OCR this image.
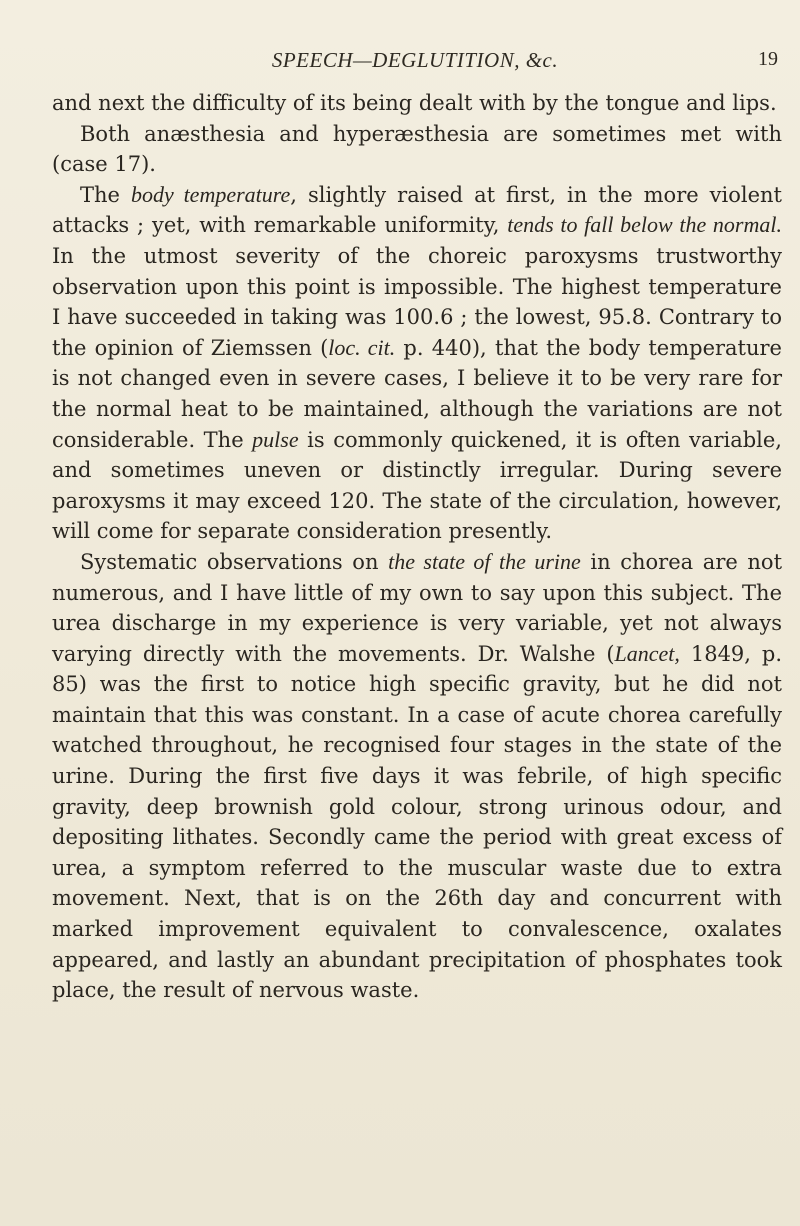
SPEECH—DEGLUTITION, &c.	19

and next the difficulty of its being dealt with by the tongue and lips.

Both anæsthesia and hyperæsthesia are sometimes met with (case 17).

The body temperature, slightly raised at first, in the more violent attacks ; yet, with remarkable uniformity, tends to fall below the normal. In the utmost severity of the choreic paroxysms trustworthy observation upon this point is impossible. The highest temperature I have succeeded in taking was 100.6 ; the lowest, 95.8. Contrary to the opinion of Ziemssen (loc. cit. p. 440), that the body temperature is not changed even in severe cases, I believe it to be very rare for the normal heat to be maintained, although the variations are not considerable. The pulse is commonly quickened, it is often variable, and sometimes uneven or distinctly irregular. During severe paroxysms it may exceed 120. The state of the circulation, however, will come for separate consideration presently.

Systematic observations on the state of the urine in chorea are not numerous, and I have little of my own to say upon this subject. The urea discharge in my experience is very variable, yet not always varying directly with the movements. Dr. Walshe (Lancet, 1849, p. 85) was the first to notice high specific gravity, but he did not maintain that this was constant. In a case of acute chorea carefully watched throughout, he recognised four stages in the state of the urine. During the first five days it was febrile, of high specific gravity, deep brownish gold colour, strong urinous odour, and depositing lithates. Secondly came the period with great excess of urea, a symptom referred to the muscular waste due to extra movement. Next, that is on the 26th day and concurrent with marked improvement equivalent to convalescence, oxalates appeared, and lastly an abundant precipitation of phosphates took place, the result of nervous waste.
